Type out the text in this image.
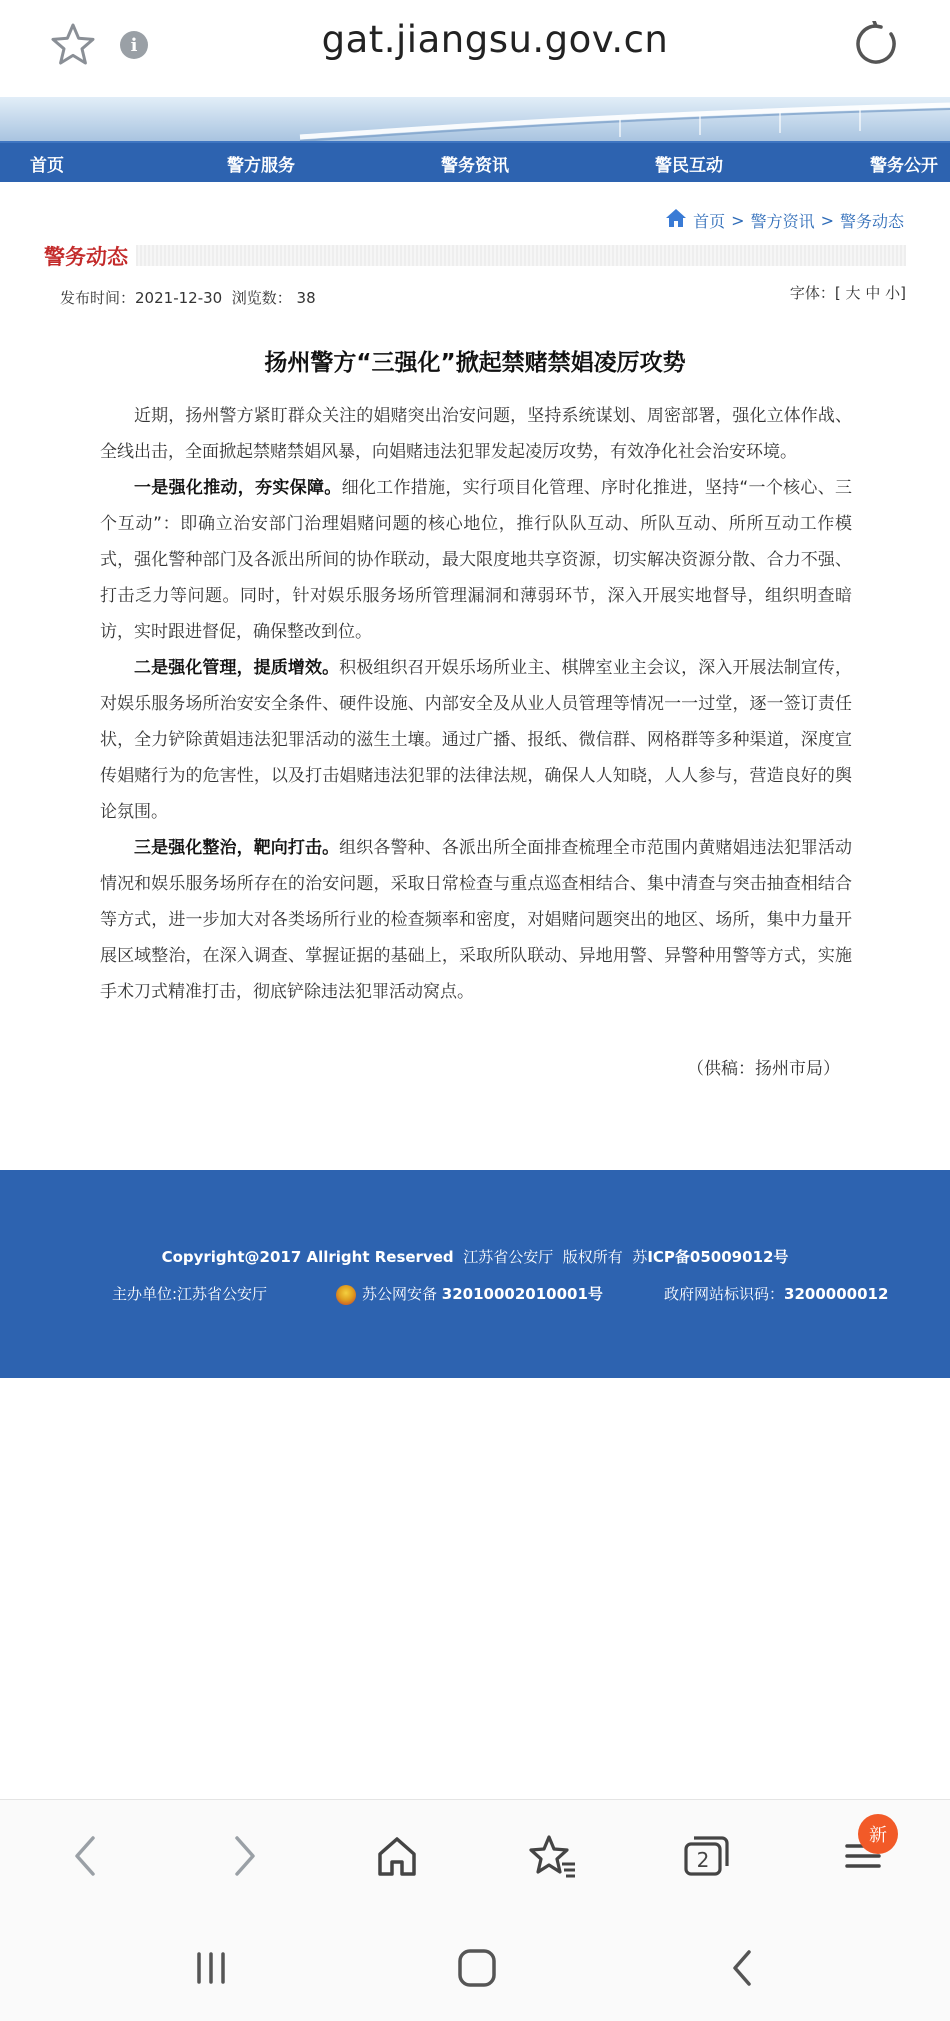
i	gat.jiangsu.gov.cn
首页	警方服务	警务资讯	警民互动	警务公开
首页 > 警方资讯 > 警务动态
警务动态
发布时间：2021-12-30 浏览数： 38	字体：[ 大 中 小]
扬州警方“三强化”掀起禁赌禁娼凌厉攻势

近期，扬州警方紧盯群众关注的娼赌突出治安问题，坚持系统谋划、周密部署，强化立体作战、全线出击，全面掀起禁赌禁娼风暴，向娼赌违法犯罪发起凌厉攻势，有效净化社会治安环境。

一是强化推动，夯实保障。细化工作措施，实行项目化管理、序时化推进，坚持“一个核心、三个互动”：即确立治安部门治理娼赌问题的核心地位，推行队队互动、所队互动、所所互动工作模式，强化警种部门及各派出所间的协作联动，最大限度地共享资源，切实解决资源分散、合力不强、打击乏力等问题。同时，针对娱乐服务场所管理漏洞和薄弱环节，深入开展实地督导，组织明查暗访，实时跟进督促，确保整改到位。

二是强化管理，提质增效。积极组织召开娱乐场所业主、棋牌室业主会议，深入开展法制宣传，对娱乐服务场所治安安全条件、硬件设施、内部安全及从业人员管理等情况一一过堂，逐一签订责任状，全力铲除黄娼违法犯罪活动的滋生土壤。通过广播、报纸、微信群、网格群等多种渠道，深度宣传娼赌行为的危害性，以及打击娼赌违法犯罪的法律法规，确保人人知晓，人人参与，营造良好的舆论氛围。

三是强化整治，靶向打击。组织各警种、各派出所全面排查梳理全市范围内黄赌娼违法犯罪活动情况和娱乐服务场所存在的治安问题，采取日常检查与重点巡查相结合、集中清查与突击抽查相结合等方式，进一步加大对各类场所行业的检查频率和密度，对娼赌问题突出的地区、场所，集中力量开展区域整治，在深入调查、掌握证据的基础上，采取所队联动、异地用警、异警种用警等方式，实施手术刀式精准打击，彻底铲除违法犯罪活动窝点。

（供稿：扬州市局）
Copyright@2017 Allright Reserved 江苏省公安厅 版权所有 苏ICP备05009012号
主办单位:江苏省公安厅	苏公网安备 32010002010001号	政府网站标识码：3200000012
2
新
